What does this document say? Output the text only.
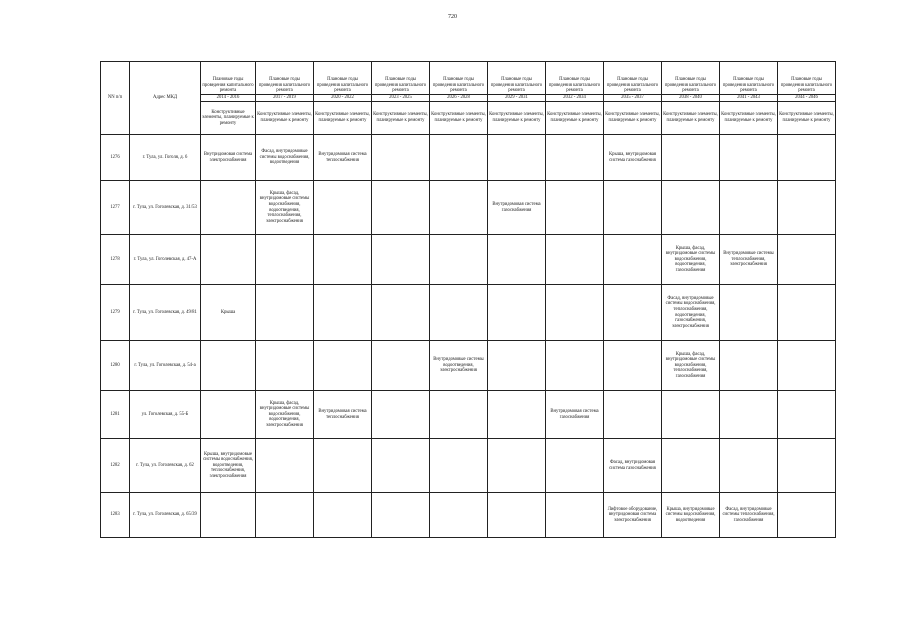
720
NN п/п	Адрес МКД	Плановые годы проведения капитального ремонта	Плановые годы проведения капитального ремонта	Плановые годы проведения капитального ремонта	Плановые годы проведения капитального ремонта	Плановые годы проведения капитального ремонта	Плановые годы проведения капитального ремонта	Плановые годы проведения капитального ремонта	Плановые годы проведения капитального ремонта	Плановые годы проведения капитального ремонта	Плановые годы проведения капитального ремонта	Плановые годы проведения капитального ремонта
		2014 - 2016	2017 - 2019	2020 - 2022	2023 - 2025	2026 - 2028	2029 - 2031	2032 - 2034	2035 - 2037	2038 - 2040	2041 - 2043	2044 - 2046
		Конструктивные элементы, планируемые к ремонту	Конструктивные элементы, планируемые к ремонту	Конструктивные элементы, планируемые к ремонту	Конструктивные элементы, планируемые к ремонту	Конструктивные элементы, планируемые к ремонту	Конструктивные элементы, планируемые к ремонту	Конструктивные элементы, планируемые к ремонту	Конструктивные элементы, планируемые к ремонту	Конструктивные элементы, планируемые к ремонту	Конструктивные элементы, планируемые к ремонту	Конструктивные элементы, планируемые к ремонту
1276	г. Тула, ул. Гоголя, д. 6	Внутридомовая система электроснабжения	Фасад, внутридомовые системы водоснабжения, водоотведения	Внутридомовая система теплоснабжения					Крыша, внутридомовая система газоснабжения			
1277	г. Тула, ул. Гоголевская, д. 31/53		Крыша, фасад, внутридомовые системы водоснабжения, водоотведения, теплоснабжения, электроснабжения				Внутридомовая система газоснабжения					
1278	г. Тула, ул. Гоголевская, д. 47-А									Крыша, фасад, внутридомовые системы водоснабжения, водоотведения, газоснабжения	Внутридомовые системы теплоснабжения, электроснабжения	
1279	г. Тула, ул. Гоголевская, д. 49/81	Крыша								Фасад, внутридомовые системы водоснабжения, теплоснабжения, водоотведения, газоснабжения, электроснабжения		
1280	г. Тула, ул. Гоголевская, д. 54-а					Внутридомовые системы водоотведения, электроснабжения				Крыша, фасад, внутридомовые системы водоснабжения, теплоснабжения, газоснабжения		
1281	ул. Гоголевская, д. 55-Б		Крыша, фасад, внутридомовые системы водоснабжения, водоотведения, электроснабжения	Внутридомовая система теплоснабжения				Внутридомовая система газоснабжения				
1282	г. Тула, ул. Гоголевская, д. 62	Крыша, внутридомовые системы водоснабжения, водоотведения, теплоснабжения, электроснабжения							Фасад, внутридомовая система газоснабжения			
1283	г. Тула, ул. Гоголевская, д. 65/39								Лифтовое оборудование, внутридомовая система электроснабжения	Крыша, внутридомовые системы водоснабжения, водоотведения	Фасад, внутридомовые системы теплоснабжения, газоснабжения	
